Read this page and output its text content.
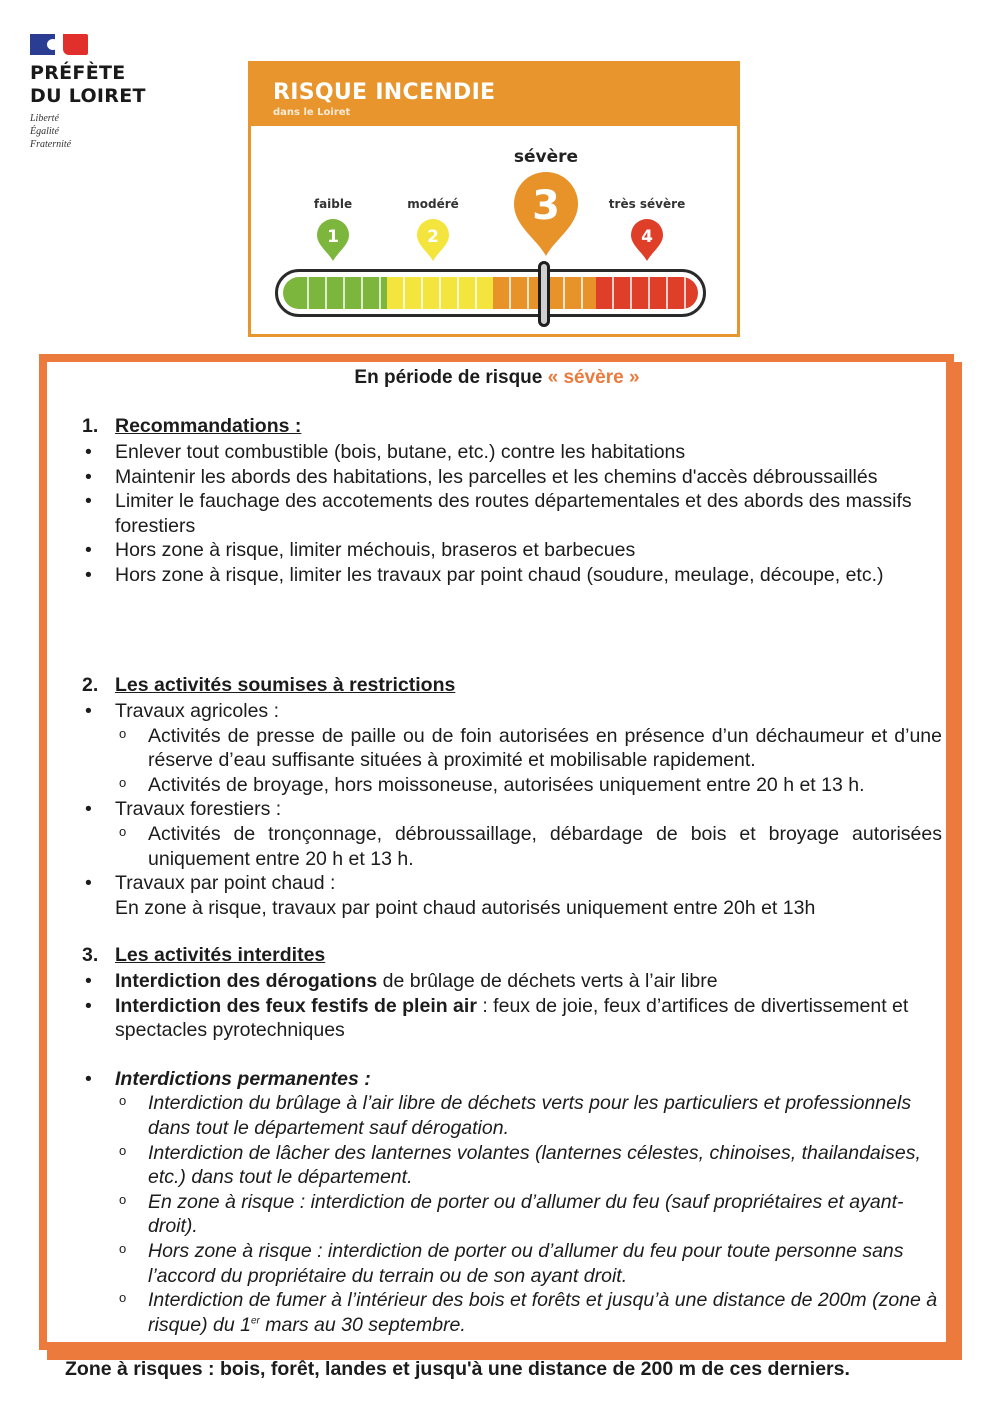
PRÉFÈTE
DU LOIRET
Liberté
Égalité
Fraternité
RISQUE INCENDIE
dans le Loiret
faible	modéré
sévère
très sévère
1	2
3
4
En période de risque « sévère »
1. Recommandations :
• Enlever tout combustible (bois, butane, etc.) contre les habitations
• Maintenir les abords des habitations, les parcelles et les chemins d'accès débroussaillés
• Limiter le fauchage des accotements des routes départementales et des abords des massifs forestiers
• Hors zone à risque, limiter méchouis, braseros et barbecues
• Hors zone à risque, limiter les travaux par point chaud (soudure, meulage, découpe, etc.)
2. Les activités soumises à restrictions
• Travaux agricoles :
o Activités de presse de paille ou de foin autorisées en présence d’un déchaumeur et d’une réserve d’eau suffisante situées à proximité et mobilisable rapidement.
o Activités de broyage, hors moissoneuse, autorisées uniquement entre 20 h et 13 h.
• Travaux forestiers :
o Activités de tronçonnage, débroussaillage, débardage de bois et broyage autorisées uniquement entre 20 h et 13 h.
• Travaux par point chaud :
En zone à risque, travaux par point chaud autorisés uniquement entre 20h et 13h
3. Les activités interdites
• Interdiction des dérogations de brûlage de déchets verts à l’air libre
• Interdiction des feux festifs de plein air : feux de joie, feux d’artifices de divertissement et spectacles pyrotechniques
• Interdictions permanentes :
o Interdiction du brûlage à l’air libre de déchets verts pour les particuliers et professionnels dans tout le département sauf dérogation.
o Interdiction de lâcher des lanternes volantes (lanternes célestes, chinoises, thailandaises, etc.) dans tout le département.
o En zone à risque : interdiction de porter ou d’allumer du feu (sauf propriétaires et ayant-droit).
o Hors zone à risque : interdiction de porter ou d’allumer du feu pour toute personne sans l’accord du propriétaire du terrain ou de son ayant droit.
o Interdiction de fumer à l’intérieur des bois et forêts et jusqu’à une distance de 200m (zone à risque) du 1er mars au 30 septembre.
Zone à risques : bois, forêt, landes et jusqu'à une distance de 200 m de ces derniers.
